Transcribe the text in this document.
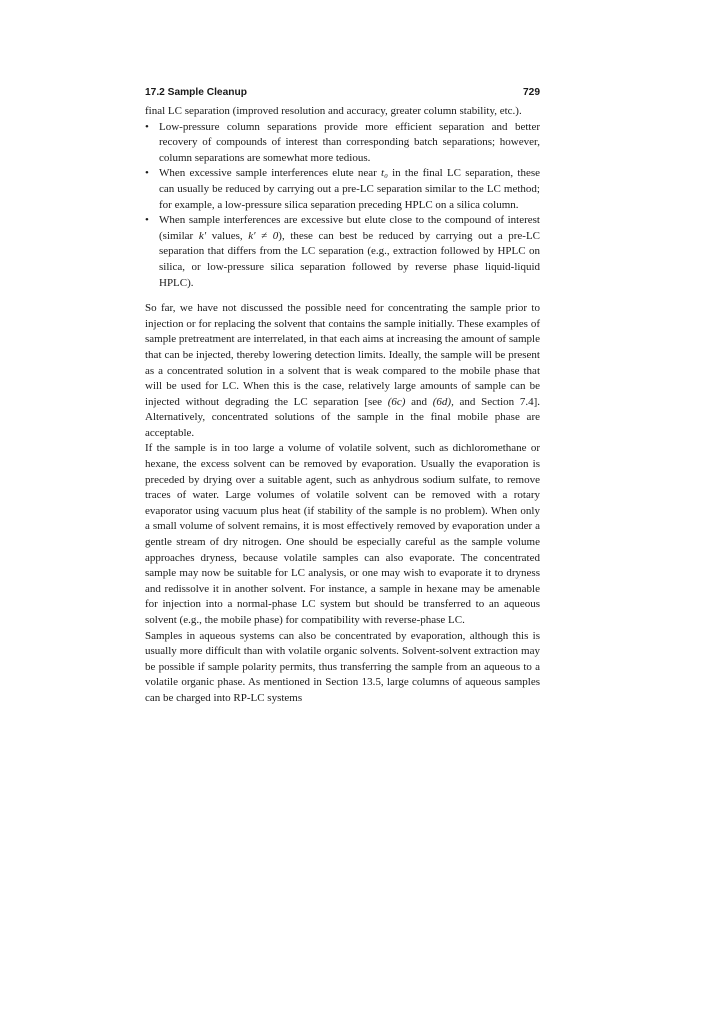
17.2 Sample Cleanup	729

final LC separation (improved resolution and accuracy, greater column stability, etc.).

• Low-pressure column separations provide more efficient separation and better recovery of compounds of interest than corresponding batch separations; however, column separations are somewhat more tedious.
• When excessive sample interferences elute near t₀ in the final LC separation, these can usually be reduced by carrying out a pre-LC separation similar to the LC method; for example, a low-pressure silica separation preceding HPLC on a silica column.
• When sample interferences are excessive but elute close to the compound of interest (similar k′ values, k′ ≠ 0), these can best be reduced by carrying out a pre-LC separation that differs from the LC separation (e.g., extraction followed by HPLC on silica, or low-pressure silica separation followed by reverse phase liquid-liquid HPLC).

So far, we have not discussed the possible need for concentrating the sample prior to injection or for replacing the solvent that contains the sample initially. These examples of sample pretreatment are interrelated, in that each aims at increasing the amount of sample that can be injected, thereby lowering detection limits. Ideally, the sample will be present as a concentrated solution in a solvent that is weak compared to the mobile phase that will be used for LC. When this is the case, relatively large amounts of sample can be injected without degrading the LC separation [see (6c) and (6d), and Section 7.4]. Alternatively, concentrated solutions of the sample in the final mobile phase are acceptable.

If the sample is in too large a volume of volatile solvent, such as dichloromethane or hexane, the excess solvent can be removed by evaporation. Usually the evaporation is preceded by drying over a suitable agent, such as anhydrous sodium sulfate, to remove traces of water. Large volumes of volatile solvent can be removed with a rotary evaporator using vacuum plus heat (if stability of the sample is no problem). When only a small volume of solvent remains, it is most effectively removed by evaporation under a gentle stream of dry nitrogen. One should be especially careful as the sample volume approaches dryness, because volatile samples can also evaporate. The concentrated sample may now be suitable for LC analysis, or one may wish to evaporate it to dryness and redissolve it in another solvent. For instance, a sample in hexane may be amenable for injection into a normal-phase LC system but should be transferred to an aqueous solvent (e.g., the mobile phase) for compatibility with reverse-phase LC.

Samples in aqueous systems can also be concentrated by evaporation, although this is usually more difficult than with volatile organic solvents. Solvent-solvent extraction may be possible if sample polarity permits, thus transferring the sample from an aqueous to a volatile organic phase. As mentioned in Section 13.5, large columns of aqueous samples can be charged into RP-LC systems
